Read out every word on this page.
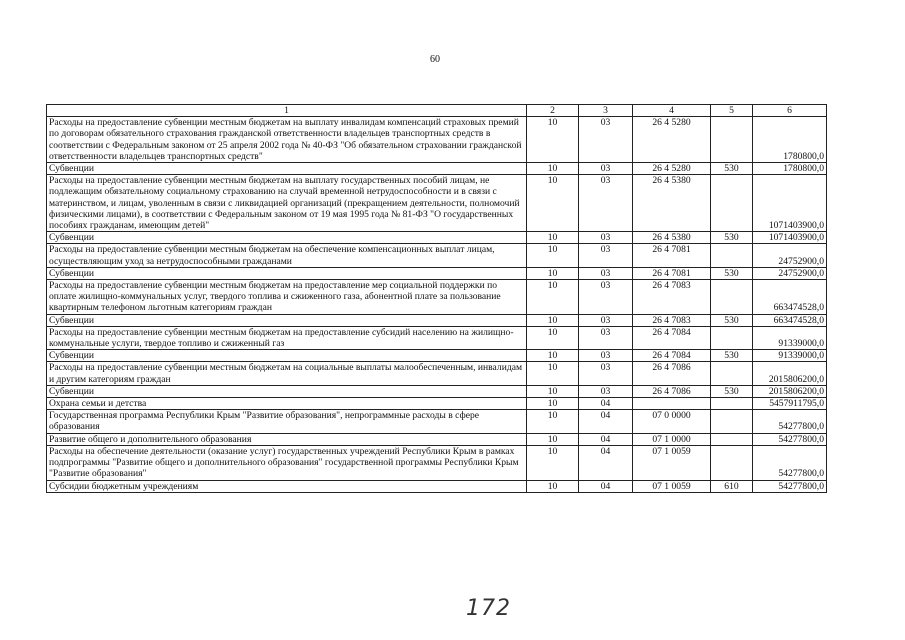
60
1	2	3	4	5	6
Расходы на предоставление субвенции местным бюджетам на выплату инвалидам компенсаций страховых премий по договорам обязательного страхования гражданской ответственности владельцев транспортных средств в соответствии с Федеральным законом от 25 апреля 2002 года № 40-ФЗ "Об обязательном страховании гражданской ответственности владельцев транспортных средств"	10	03	26 4 5280		1780800,0
Субвенции	10	03	26 4 5280	530	1780800,0
Расходы на предоставление субвенции местным бюджетам на выплату государственных пособий лицам, не подлежащим обязательному социальному страхованию на случай временной нетрудоспособности и в связи с материнством, и лицам, уволенным в связи с ликвидацией организаций (прекращением деятельности, полномочий физическими лицами), в соответствии с Федеральным законом от 19 мая 1995 года № 81-ФЗ "О государственных пособиях гражданам, имеющим детей"	10	03	26 4 5380		1071403900,0
Субвенции	10	03	26 4 5380	530	1071403900,0
Расходы на предоставление субвенции местным бюджетам на обеспечение компенсационных выплат лицам, осуществляющим уход за нетрудоспособными гражданами	10	03	26 4 7081		24752900,0
Субвенции	10	03	26 4 7081	530	24752900,0
Расходы на предоставление субвенции местным бюджетам на предоставление мер социальной поддержки по оплате жилищно-коммунальных услуг, твердого топлива и сжиженного газа, абонентной плате за пользование квартирным телефоном льготным категориям граждан	10	03	26 4 7083		663474528,0
Субвенции	10	03	26 4 7083	530	663474528,0
Расходы на предоставление субвенции местным бюджетам на предоставление субсидий населению на жилищно-коммунальные услуги, твердое топливо и сжиженный газ	10	03	26 4 7084		91339000,0
Субвенции	10	03	26 4 7084	530	91339000,0
Расходы на предоставление субвенции местным бюджетам на социальные выплаты малообеспеченным, инвалидам и другим категориям граждан	10	03	26 4 7086		2015806200,0
Субвенции	10	03	26 4 7086	530	2015806200,0
Охрана семьи и детства	10	04			5457911795,0
Государственная программа Республики Крым "Развитие образования", непрограммные расходы в сфере образования	10	04	07 0 0000		54277800,0
Развитие общего и дополнительного образования	10	04	07 1 0000		54277800,0
Расходы на обеспечение деятельности (оказание услуг) государственных учреждений Республики Крым в рамках подпрограммы "Развитие общего и дополнительного образования" государственной программы Республики Крым "Развитие образования"	10	04	07 1 0059		54277800,0
Субсидии бюджетным учреждениям	10	04	07 1 0059	610	54277800,0
172
